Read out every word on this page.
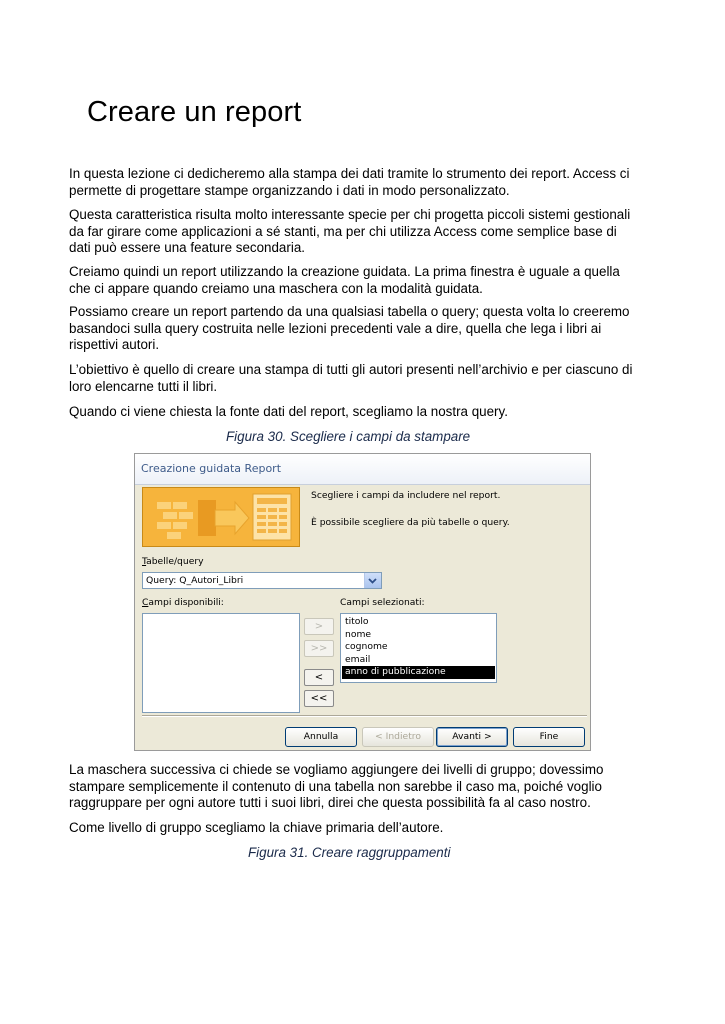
Creare un report

In questa lezione ci dedicheremo alla stampa dei dati tramite lo strumento dei report. Access ci permette di progettare stampe organizzando i dati in modo personalizzato.

Questa caratteristica risulta molto interessante specie per chi progetta piccoli sistemi gestionali da far girare come applicazioni a sé stanti, ma per chi utilizza Access come semplice base di dati può essere una feature secondaria.

Creiamo quindi un report utilizzando la creazione guidata. La prima finestra è uguale a quella che ci appare quando creiamo una maschera con la modalità guidata.

Possiamo creare un report partendo da una qualsiasi tabella o query; questa volta lo creeremo basandoci sulla query costruita nelle lezioni precedenti vale a dire, quella che lega i libri ai rispettivi autori.

L’obiettivo è quello di creare una stampa di tutti gli autori presenti nell’archivio e per ciascuno di loro elencarne tutti il libri.

Quando ci viene chiesta la fonte dati del report, scegliamo la nostra query.

Figura 30. Scegliere i campi da stampare

Creazione guidata Report
Scegliere i campi da includere nel report.
È possibile scegliere da più tabelle o query.
Tabelle/query
Query: Q_Autori_Libri
Campi disponibili:	Campi selezionati:
titolo
nome
cognome
email
anno di pubblicazione
>
>>
<
<<
Annulla	< Indietro	Avanti >	Fine

La maschera successiva ci chiede se vogliamo aggiungere dei livelli di gruppo; dovessimo stampare semplicemente il contenuto di una tabella non sarebbe il caso ma, poiché voglio raggruppare per ogni autore tutti i suoi libri, direi che questa possibilità fa al caso nostro.

Come livello di gruppo scegliamo la chiave primaria dell’autore.

Figura 31. Creare raggruppamenti
